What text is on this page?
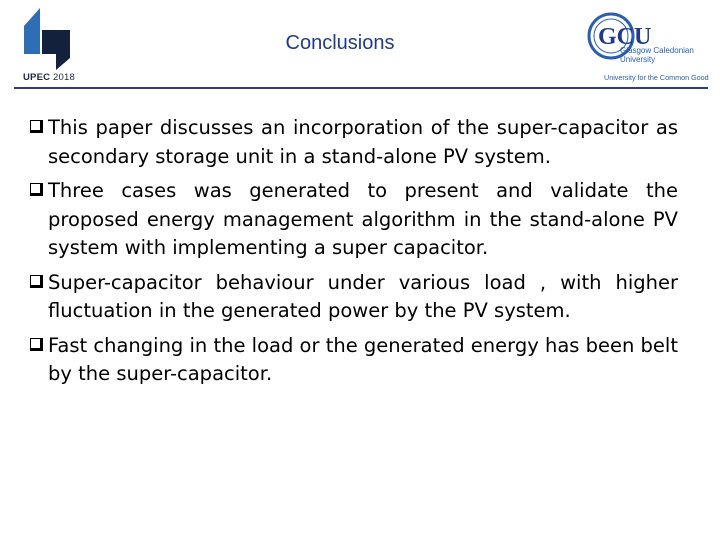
UPEC 2018
Conclusions	GCU
Glasgow Caledonian
University
University for the Common Good
This paper discusses an incorporation of the super-capacitor as secondary storage unit in a stand-alone PV system.
Three cases was generated to present and validate the proposed energy management algorithm in the stand-alone PV system with implementing a super capacitor.
Super-capacitor behaviour under various load , with higher fluctuation in the generated power by the PV system.
Fast changing in the load or the generated energy has been belt by the super-capacitor.
